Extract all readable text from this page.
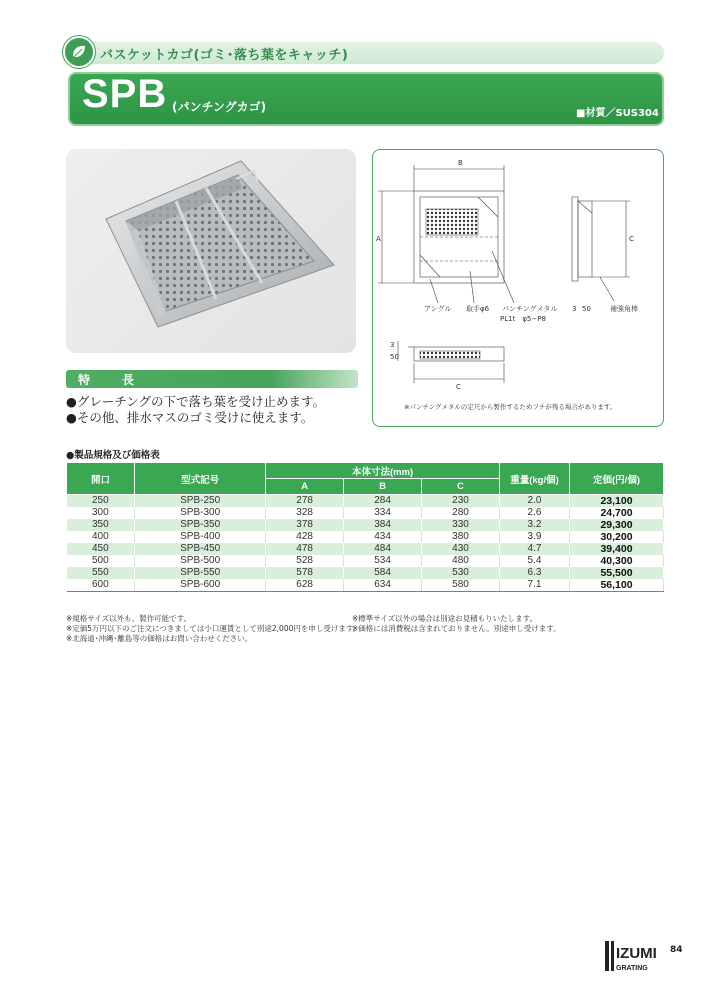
バスケットカゴ(ゴミ･落ち葉をキャッチ)
SPB (パンチングカゴ)	■材質／SUS304
特　長
●グレーチングの下で落ち葉を受け止めます。
●その他、排水マスのゴミ受けに使えます。
B
A	C
C
3
50
アングル 取手φ6 パンチングメタル
PL1t　φ5−P8
3 50	補強角棒
※パンチングメタルの定尺から製作するためフチが残る場合があります。
●製品規格及び価格表
開口	型式記号	本体寸法(mm)			重量(kg/個)	定価(円/個)
		A	B	C		
250	SPB-250	278	284	230	2.0	23,100
300	SPB-300	328	334	280	2.6	24,700
350	SPB-350	378	384	330	3.2	29,300
400	SPB-400	428	434	380	3.9	30,200
450	SPB-450	478	484	430	4.7	39,400
500	SPB-500	528	534	480	5.4	40,300
550	SPB-550	578	584	530	6.3	55,500
600	SPB-600	628	634	580	7.1	56,100
※規格サイズ以外も、製作可能です。
※定価5万円以下のご注文につきましては小口運賃として別途2,000円を申し受けます。
※北海道･沖縄･離島等の価格はお問い合わせください。
※標準サイズ以外の場合は別途お見積もりいたします。
※価格には消費税は含まれておりません。別途申し受けます。
IZUMI
GRATING
84
